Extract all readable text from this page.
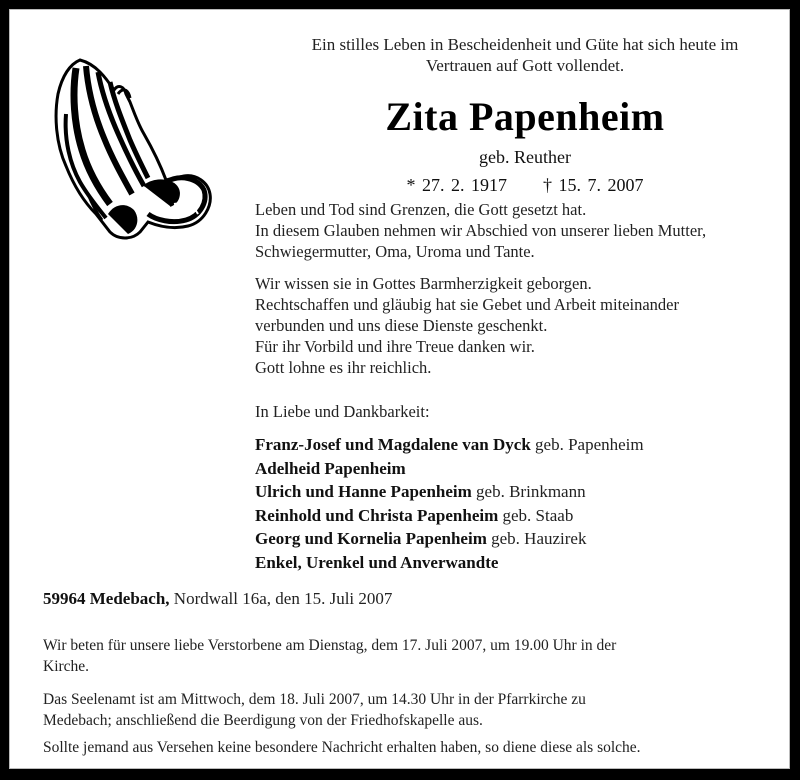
Ein stilles Leben in Bescheidenheit und Güte hat sich heute im
Vertrauen auf Gott vollendet.
Zita Papenheim
geb. Reuther
* 27. 2. 1917 † 15. 7. 2007
Leben und Tod sind Grenzen, die Gott gesetzt hat.
In diesem Glauben nehmen wir Abschied von unserer lieben Mutter,
Schwiegermutter, Oma, Uroma und Tante.
Wir wissen sie in Gottes Barmherzigkeit geborgen.
Rechtschaffen und gläubig hat sie Gebet und Arbeit miteinander
verbunden und uns diese Dienste geschenkt.
Für ihr Vorbild und ihre Treue danken wir.
Gott lohne es ihr reichlich.
In Liebe und Dankbarkeit:
Franz-Josef und Magdalene van Dyck geb. Papenheim
Adelheid Papenheim
Ulrich und Hanne Papenheim geb. Brinkmann
Reinhold und Christa Papenheim geb. Staab
Georg und Kornelia Papenheim geb. Hauzirek
Enkel, Urenkel und Anverwandte
59964 Medebach, Nordwall 16a, den 15. Juli 2007
Wir beten für unsere liebe Verstorbene am Dienstag, dem 17. Juli 2007, um 19.00 Uhr in der
Kirche.
Das Seelenamt ist am Mittwoch, dem 18. Juli 2007, um 14.30 Uhr in der Pfarrkirche zu
Medebach; anschließend die Beerdigung von der Friedhofskapelle aus.
Sollte jemand aus Versehen keine besondere Nachricht erhalten haben, so diene diese als solche.
